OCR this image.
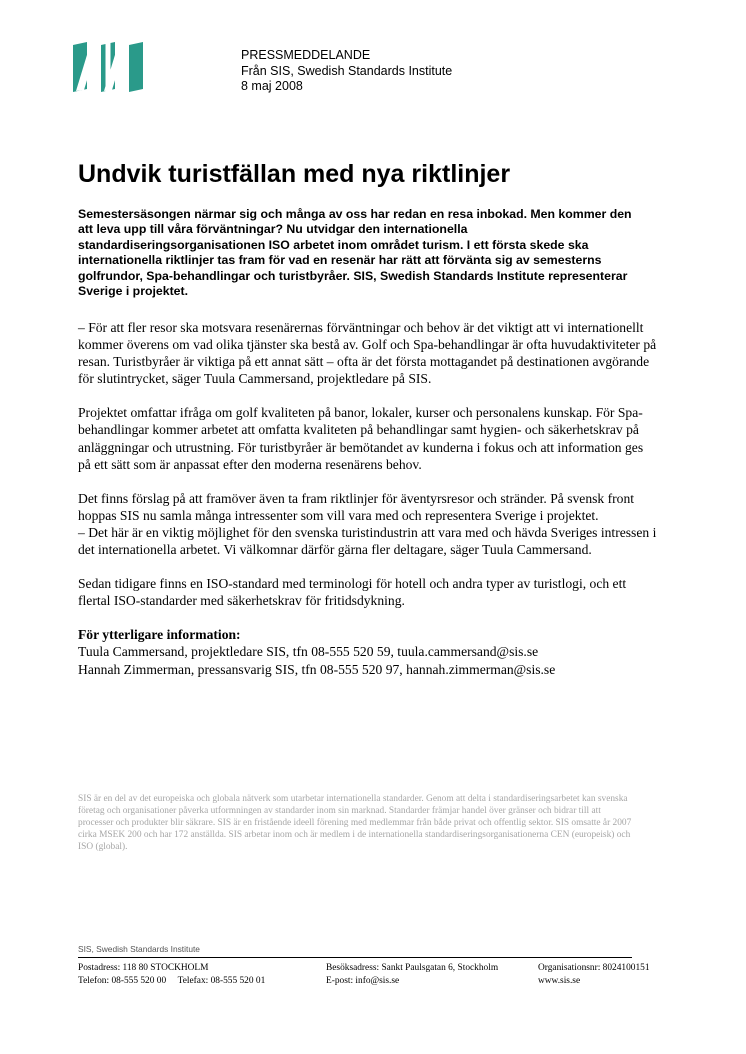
PRESSMEDDELANDE
Från SIS, Swedish Standards Institute
8 maj 2008
Undvik turistfällan med nya riktlinjer

Semestersäsongen närmar sig och många av oss har redan en resa inbokad. Men kommer den att leva upp till våra förväntningar? Nu utvidgar den internationella standardiseringsorganisationen ISO arbetet inom området turism. I ett första skede ska internationella riktlinjer tas fram för vad en resenär har rätt att förvänta sig av semesterns golfrundor, Spa-behandlingar och turistbyråer. SIS, Swedish Standards Institute representerar Sverige i projektet.

– För att fler resor ska motsvara resenärernas förväntningar och behov är det viktigt att vi internationellt kommer överens om vad olika tjänster ska bestå av. Golf och Spa-behandlingar är ofta huvudaktiviteter på resan. Turistbyråer är viktiga på ett annat sätt – ofta är det första mottagandet på destinationen avgörande för slutintrycket, säger Tuula Cammersand, projektledare på SIS.

Projektet omfattar ifråga om golf kvaliteten på banor, lokaler, kurser och personalens kunskap. För Spa-behandlingar kommer arbetet att omfatta kvaliteten på behandlingar samt hygien- och säkerhetskrav på anläggningar och utrustning. För turistbyråer är bemötandet av kunderna i fokus och att information ges på ett sätt som är anpassat efter den moderna resenärens behov.

Det finns förslag på att framöver även ta fram riktlinjer för äventyrsresor och stränder. På svensk front hoppas SIS nu samla många intressenter som vill vara med och representera Sverige i projektet.

– Det här är en viktig möjlighet för den svenska turistindustrin att vara med och hävda Sveriges intressen i det internationella arbetet. Vi välkomnar därför gärna fler deltagare, säger Tuula Cammersand.

Sedan tidigare finns en ISO-standard med terminologi för hotell och andra typer av turistlogi, och ett flertal ISO-standarder med säkerhetskrav för fritidsdykning.

För ytterligare information:
Tuula Cammersand, projektledare SIS, tfn 08-555 520 59, tuula.cammersand@sis.se
Hannah Zimmerman, pressansvarig SIS, tfn 08-555 520 97, hannah.zimmerman@sis.se

SIS är en del av det europeiska och globala nätverk som utarbetar internationella standarder. Genom att delta i standardiseringsarbetet kan svenska företag och organisationer påverka utformningen av standarder inom sin marknad. Standarder främjar handel över gränser och bidrar till att processer och produkter blir säkrare. SIS är en fristående ideell förening med medlemmar från både privat och offentlig sektor. SIS omsatte år 2007 cirka MSEK 200 och har 172 anställda. SIS arbetar inom och är medlem i de internationella standardiseringsorganisationerna CEN (europeisk) och ISO (global).

SIS, Swedish Standards Institute
Postadress: 118 80 STOCKHOLM
Telefon: 08-555 520 00     Telefax: 08-555 520 01
Besöksadress: Sankt Paulsgatan 6, Stockholm
E-post: info@sis.se
Organisationsnr: 8024100151
www.sis.se
